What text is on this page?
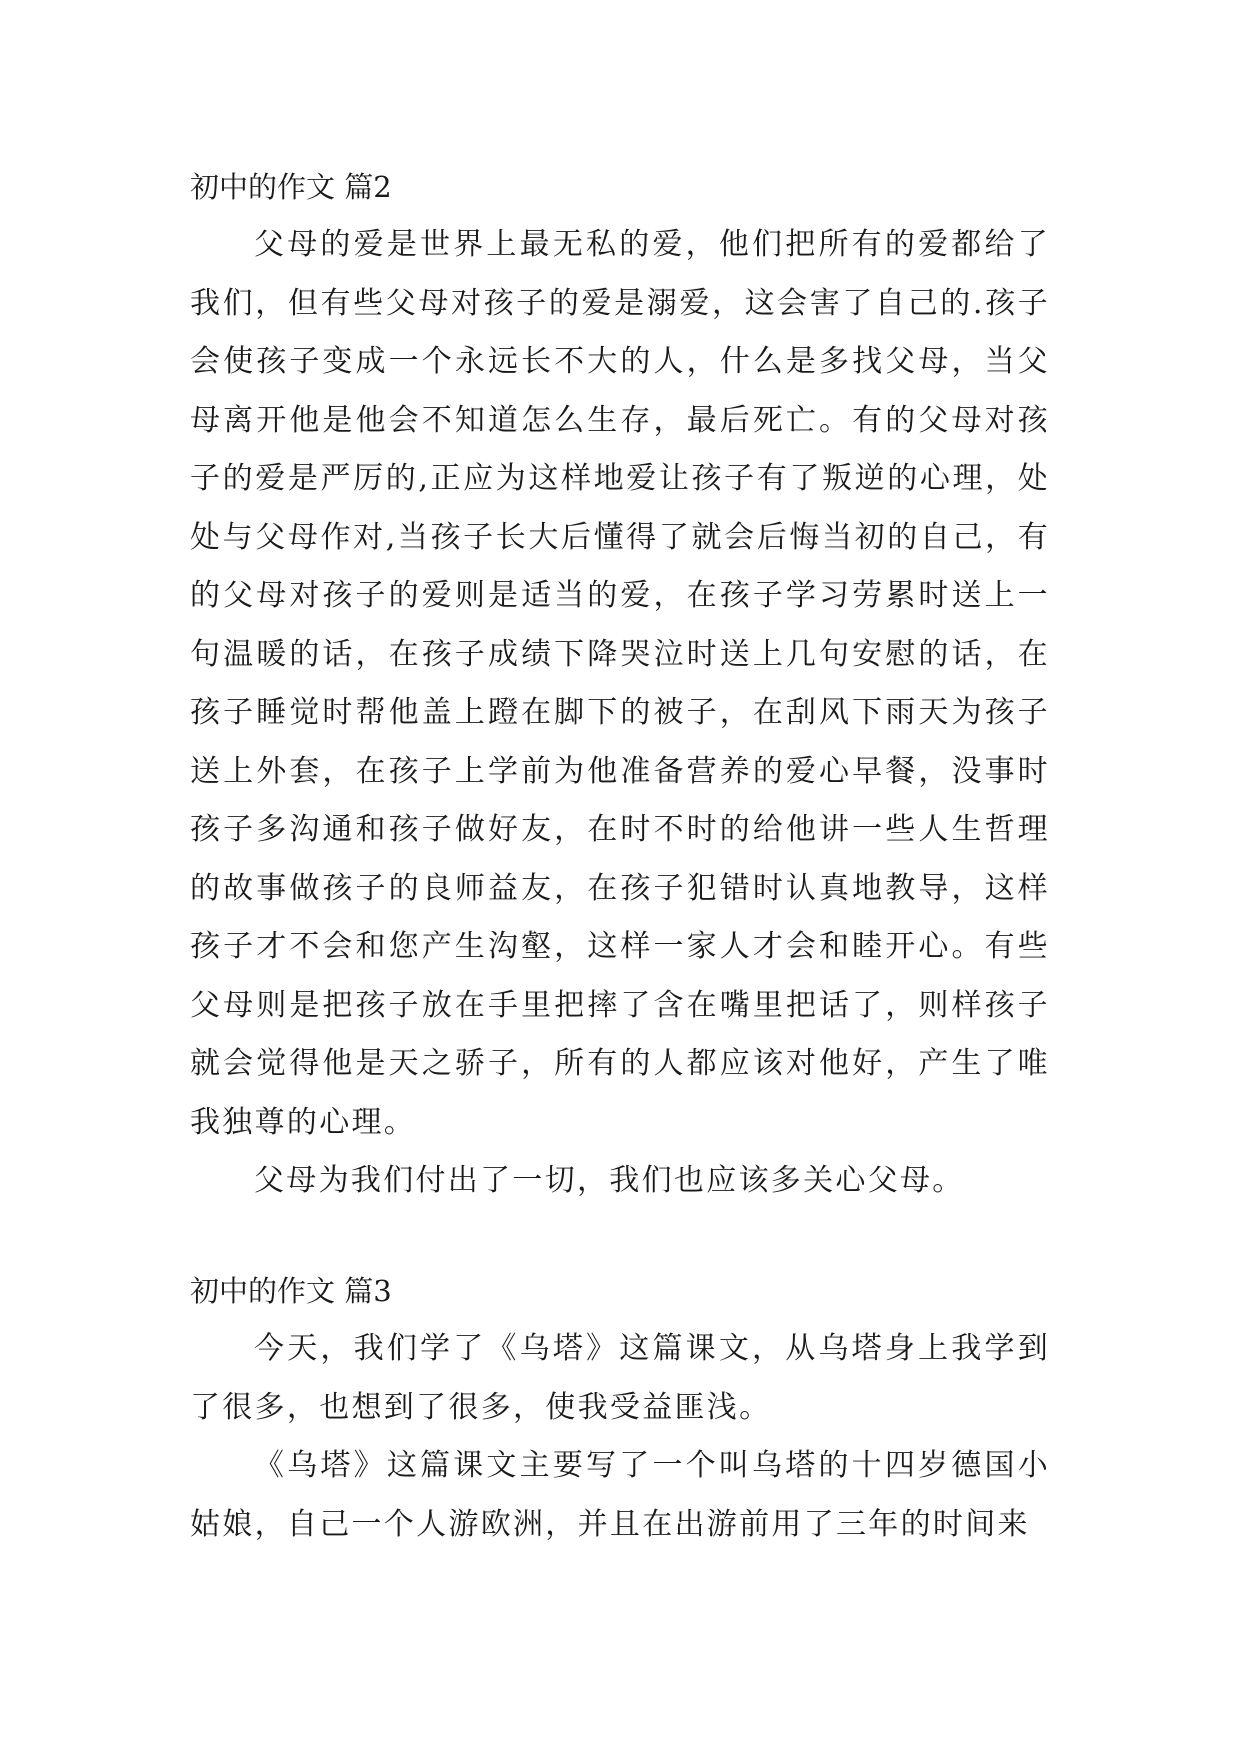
初中的作文 篇2

父母的爱是世界上最无私的爱，他们把所有的爱都给了我们，但有些父母对孩子的爱是溺爱，这会害了自己的.孩子会使孩子变成一个永远长不大的人，什么是多找父母，当父母离开他是他会不知道怎么生存，最后死亡。有的父母对孩子的爱是严厉的,正应为这样地爱让孩子有了叛逆的心理，处处与父母作对,当孩子长大后懂得了就会后悔当初的自己，有的父母对孩子的爱则是适当的爱，在孩子学习劳累时送上一句温暖的话，在孩子成绩下降哭泣时送上几句安慰的话，在孩子睡觉时帮他盖上蹬在脚下的被子，在刮风下雨天为孩子送上外套，在孩子上学前为他准备营养的爱心早餐，没事时孩子多沟通和孩子做好友，在时不时的给他讲一些人生哲理的故事做孩子的良师益友，在孩子犯错时认真地教导，这样孩子才不会和您产生沟壑，这样一家人才会和睦开心。有些父母则是把孩子放在手里把摔了含在嘴里把话了，则样孩子就会觉得他是天之骄子，所有的人都应该对他好，产生了唯我独尊的心理。

父母为我们付出了一切，我们也应该多关心父母。

初中的作文 篇3

今天，我们学了《乌塔》这篇课文，从乌塔身上我学到了很多，也想到了很多，使我受益匪浅。

《乌塔》这篇课文主要写了一个叫乌塔的十四岁德国小姑娘，自己一个人游欧洲，并且在出游前用了三年的时间来
